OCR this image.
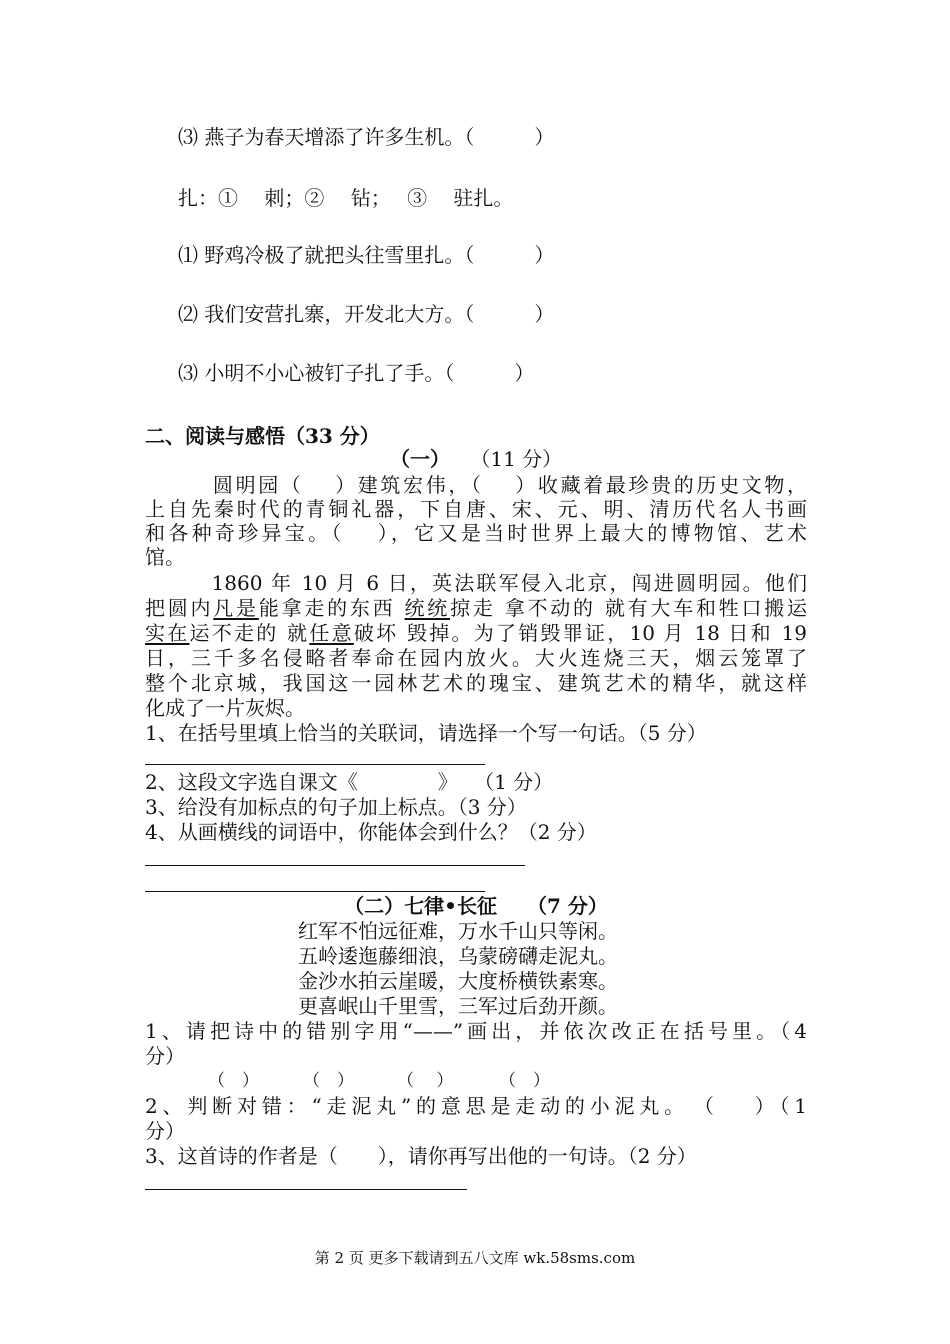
⑶ 燕子为春天增添了许多生机。（　　　）
扎：①　 刺；②　 钻；　 ③　 驻扎。
⑴ 野鸡冷极了就把头往雪里扎。（　　　）
⑵ 我们安营扎寨，开发北大方。（　　　）
⑶ 小明不小心被钉子扎了手。（　　　）
二、阅读与感悟（33 分）
（一） （11 分）
　　　圆明园（　 ）建筑宏伟，（　 ）收藏着最珍贵的历史文物，
上自先秦时代的青铜礼器，下自唐、宋、元、明、清历代名人书画
和各种奇珍异宝。（　 ），它又是当时世界上最大的博物馆、艺术
馆。
　　　1860 年 10 月 6 日，英法联军侵入北京，闯进圆明园。他们
把圆内凡是能拿走的东西 统统掠走 拿不动的 就有大车和牲口搬运
实在运不走的 就任意破坏 毁掉。为了销毁罪证，10 月 18 日和 19
日，三千多名侵略者奉命在园内放火。大火连烧三天，烟云笼罩了
整个北京城，我国这一园林艺术的瑰宝、建筑艺术的精华，就这样
化成了一片灰烬。
1、在括号里填上恰当的关联词，请选择一个写一句话。（5 分）
2、这段文字选自课文《　　　　》　 （1 分）
3、给没有加标点的句子加上标点。（3 分）
4、从画横线的词语中，你能体会到什么？（2 分）
（二）七律•长征　　（7 分）
红军不怕远征难，万水千山只等闲。
五岭逶迤藤细浪，乌蒙磅礴走泥丸。
金沙水拍云崖暖，大度桥横铁素寒。
更喜岷山千里雪，三军过后劲开颜。
1、请把诗中的错别字用“——”画出，并依次改正在括号里。（4
分）
（　）	（　）	（　 ）	（　）
2、判断对错：“走泥丸”的意思是走动的小泥丸。　（　 ）（1
分）
3、这首诗的作者是（　　），请你再写出他的一句诗。（2 分）
第 2 页 更多下载请到五八文库 wk.58sms.com
